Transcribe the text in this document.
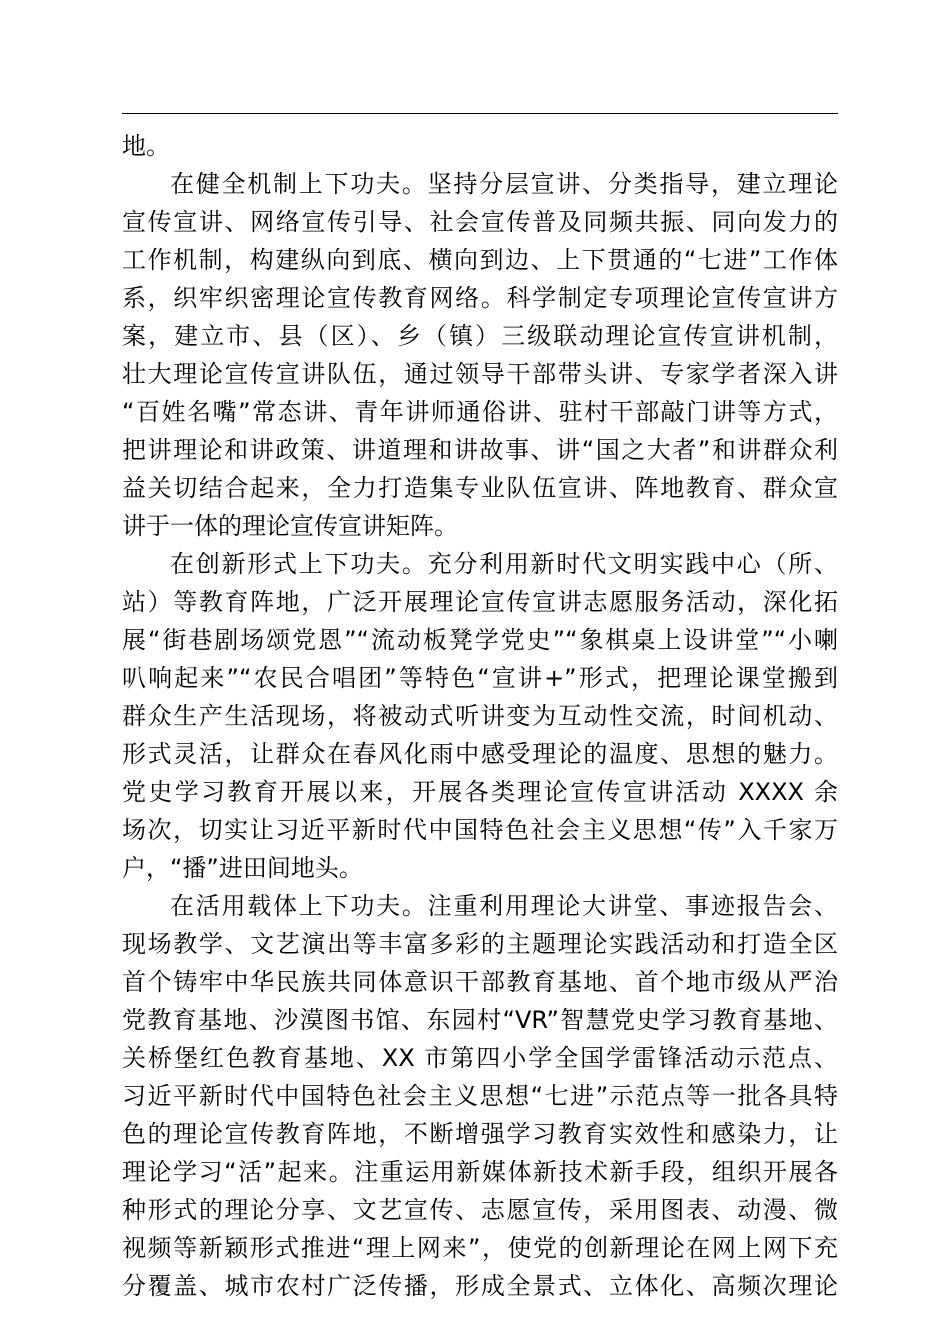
地。
在健全机制上下功夫。坚持分层宣讲、分类指导，建立理论
宣传宣讲、网络宣传引导、社会宣传普及同频共振、同向发力的
工作机制，构建纵向到底、横向到边、上下贯通的“七进”工作体
系，织牢织密理论宣传教育网络。科学制定专项理论宣传宣讲方
案，建立市、县（区）、乡（镇）三级联动理论宣传宣讲机制，
壮大理论宣传宣讲队伍，通过领导干部带头讲、专家学者深入讲
“百姓名嘴”常态讲、青年讲师通俗讲、驻村干部敲门讲等方式，
把讲理论和讲政策、讲道理和讲故事、讲“国之大者”和讲群众利
益关切结合起来，全力打造集专业队伍宣讲、阵地教育、群众宣
讲于一体的理论宣传宣讲矩阵。
在创新形式上下功夫。充分利用新时代文明实践中心（所、
站）等教育阵地，广泛开展理论宣传宣讲志愿服务活动，深化拓
展“街巷剧场颂党恩”“流动板凳学党史”“象棋桌上设讲堂”“小喇
叭响起来”“农民合唱团”等特色“宣讲+”形式，把理论课堂搬到
群众生产生活现场，将被动式听讲变为互动性交流，时间机动、
形式灵活，让群众在春风化雨中感受理论的温度、思想的魅力。
党史学习教育开展以来，开展各类理论宣传宣讲活动 XXXX 余
场次，切实让习近平新时代中国特色社会主义思想“传”入千家万
户，“播”进田间地头。
在活用载体上下功夫。注重利用理论大讲堂、事迹报告会、
现场教学、文艺演出等丰富多彩的主题理论实践活动和打造全区
首个铸牢中华民族共同体意识干部教育基地、首个地市级从严治
党教育基地、沙漠图书馆、东园村“VR”智慧党史学习教育基地、
关桥堡红色教育基地、XX 市第四小学全国学雷锋活动示范点、
习近平新时代中国特色社会主义思想“七进”示范点等一批各具特
色的理论宣传教育阵地，不断增强学习教育实效性和感染力，让
理论学习“活”起来。注重运用新媒体新技术新手段，组织开展各
种形式的理论分享、文艺宣传、志愿宣传，采用图表、动漫、微
视频等新颖形式推进“理上网来”，使党的创新理论在网上网下充
分覆盖、城市农村广泛传播，形成全景式、立体化、高频次理论
